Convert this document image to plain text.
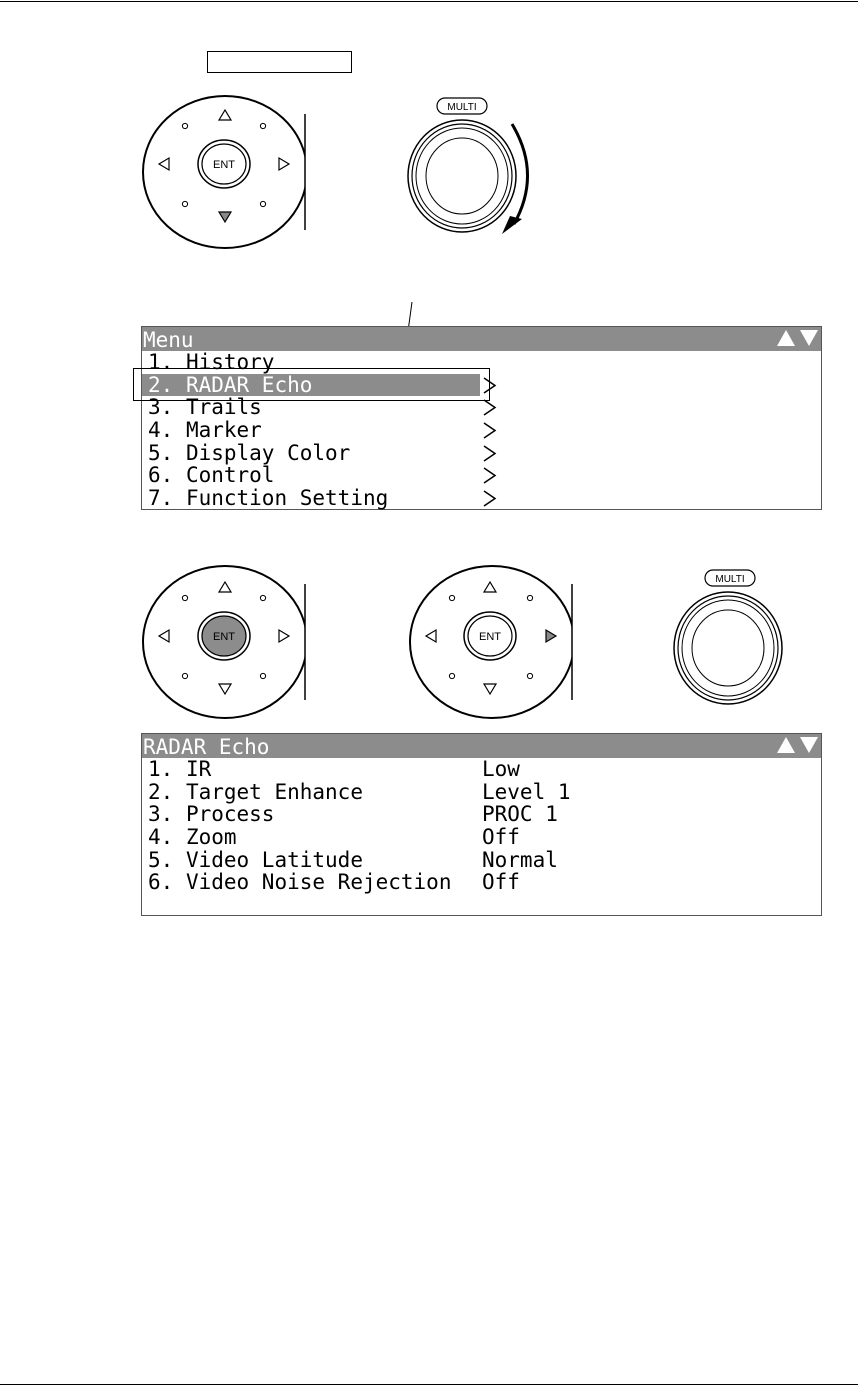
ENT
MULTI
Menu
1. History
2. RADAR Echo

3. Trails

4. Marker

5. Display Color

6. Control

7. Function Setting

ENT	ENT
MULTI
RADAR Echo
1. IR	Low
2. Target Enhance	Level 1
3. Process	PROC 1
4. Zoom	Off
5. Video Latitude	Normal
6. Video Noise Rejection Off
